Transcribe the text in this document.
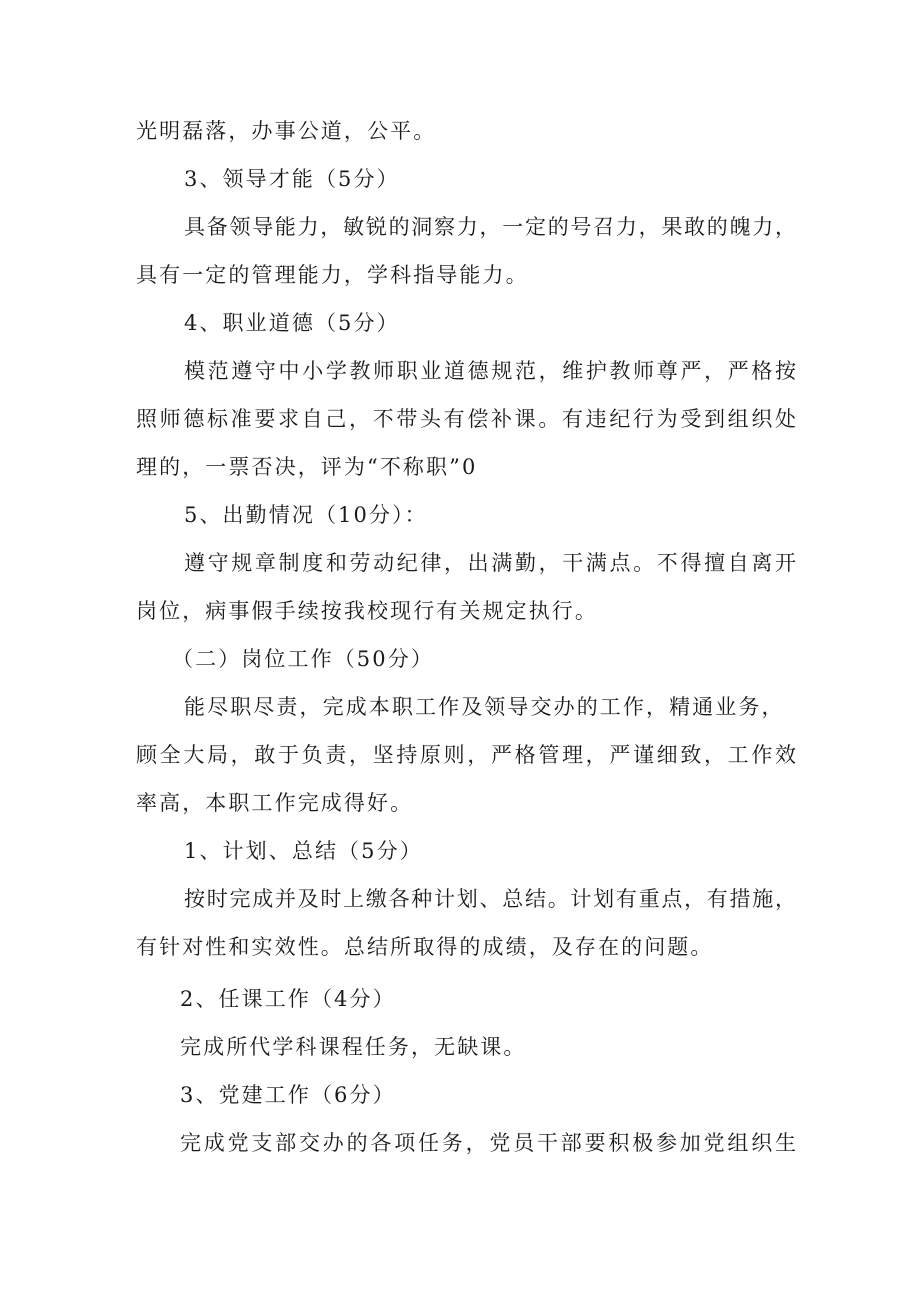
光明磊落，办事公道，公平。
3、领导才能（5分）
具备领导能力，敏锐的洞察力，一定的号召力，果敢的魄力，
具有一定的管理能力，学科指导能力。
4、职业道德（5分）
模范遵守中小学教师职业道德规范，维护教师尊严，严格按
照师德标准要求自己，不带头有偿补课。有违纪行为受到组织处
理的，一票否决，评为“不称职”0
5、出勤情况（10分）：
遵守规章制度和劳动纪律，出满勤，干满点。不得擅自离开
岗位，病事假手续按我校现行有关规定执行。
（二）岗位工作（50分）
能尽职尽责，完成本职工作及领导交办的工作，精通业务，
顾全大局，敢于负责，坚持原则，严格管理，严谨细致，工作效
率高，本职工作完成得好。
1、计划、总结（5分）
按时完成并及时上缴各种计划、总结。计划有重点，有措施，
有针对性和实效性。总结所取得的成绩，及存在的问题。
2、任课工作（4分）
完成所代学科课程任务，无缺课。
3、党建工作（6分）
完成党支部交办的各项任务，党员干部要积极参加党组织生
